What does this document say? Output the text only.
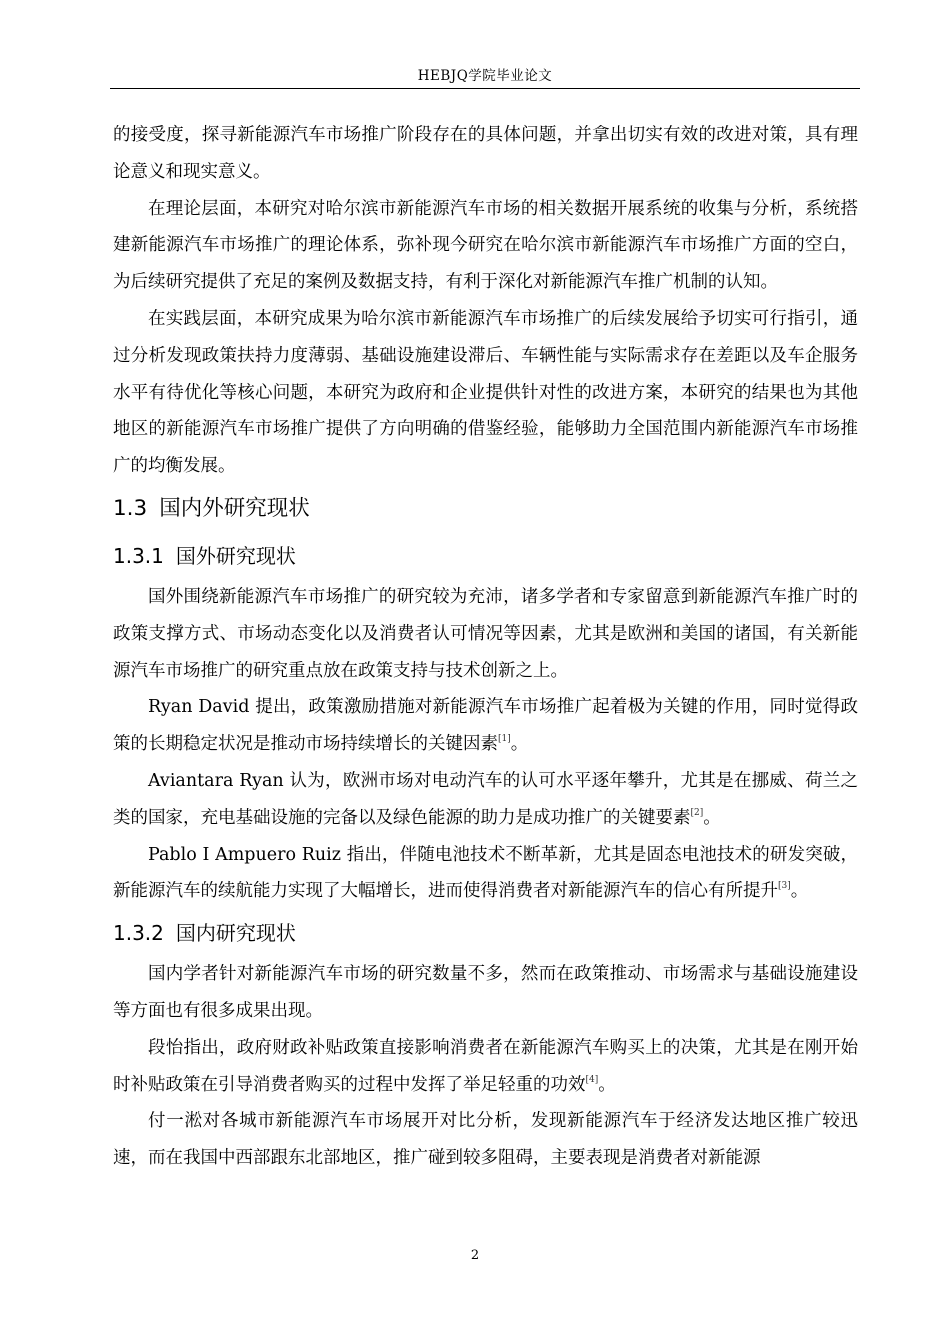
HEBJQ学院毕业论文

的接受度，探寻新能源汽车市场推广阶段存在的具体问题，并拿出切实有效的改进对策，具有理论意义和现实意义。

在理论层面，本研究对哈尔滨市新能源汽车市场的相关数据开展系统的收集与分析，系统搭建新能源汽车市场推广的理论体系，弥补现今研究在哈尔滨市新能源汽车市场推广方面的空白，为后续研究提供了充足的案例及数据支持，有利于深化对新能源汽车推广机制的认知。

在实践层面，本研究成果为哈尔滨市新能源汽车市场推广的后续发展给予切实可行指引，通过分析发现政策扶持力度薄弱、基础设施建设滞后、车辆性能与实际需求存在差距以及车企服务水平有待优化等核心问题，本研究为政府和企业提供针对性的改进方案，本研究的结果也为其他地区的新能源汽车市场推广提供了方向明确的借鉴经验，能够助力全国范围内新能源汽车市场推广的均衡发展。

1.3 国内外研究现状
1.3.1 国外研究现状

国外围绕新能源汽车市场推广的研究较为充沛，诸多学者和专家留意到新能源汽车推广时的政策支撑方式、市场动态变化以及消费者认可情况等因素，尤其是欧洲和美国的诸国，有关新能源汽车市场推广的研究重点放在政策支持与技术创新之上。

Ryan David 提出，政策激励措施对新能源汽车市场推广起着极为关键的作用，同时觉得政策的长期稳定状况是推动市场持续增长的关键因素[1]。

Aviantara Ryan 认为，欧洲市场对电动汽车的认可水平逐年攀升，尤其是在挪威、荷兰之类的国家，充电基础设施的完备以及绿色能源的助力是成功推广的关键要素[2]。

Pablo I Ampuero Ruiz 指出，伴随电池技术不断革新，尤其是固态电池技术的研发突破，新能源汽车的续航能力实现了大幅增长，进而使得消费者对新能源汽车的信心有所提升[3]。

1.3.2 国内研究现状

国内学者针对新能源汽车市场的研究数量不多，然而在政策推动、市场需求与基础设施建设等方面也有很多成果出现。

段怡指出，政府财政补贴政策直接影响消费者在新能源汽车购买上的决策，尤其是在刚开始时补贴政策在引导消费者购买的过程中发挥了举足轻重的功效[4]。

付一淞对各城市新能源汽车市场展开对比分析，发现新能源汽车于经济发达地区推广较迅速，而在我国中西部跟东北部地区，推广碰到较多阻碍，主要表现是消费者对新能源

2
